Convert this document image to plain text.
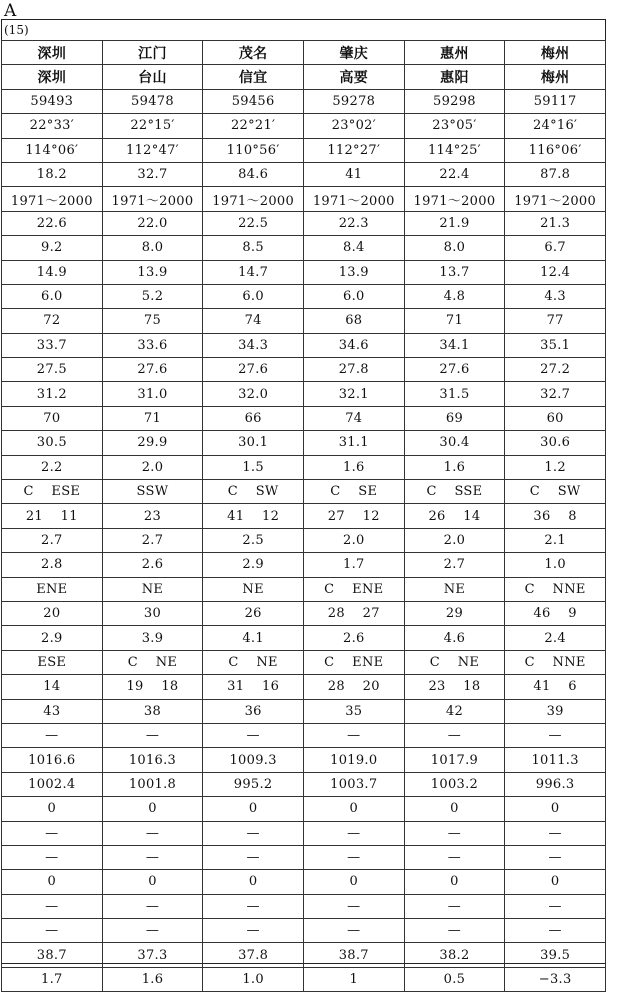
A
(15)
深圳	江门	茂名	肇庆	惠州	梅州
深圳	台山	信宜	高要	惠阳	梅州
59493	59478	59456	59278	59298	59117
22°33′	22°15′	22°21′	23°02′	23°05′	24°16′
114°06′	112°47′	110°56′	112°27′	114°25′	116°06′
18.2	32.7	84.6	41	22.4	87.8
1971～2000	1971～2000	1971～2000	1971～2000	1971～2000	1971～2000
22.6	22.0	22.5	22.3	21.9	21.3
9.2	8.0	8.5	8.4	8.0	6.7
14.9	13.9	14.7	13.9	13.7	12.4
6.0	5.2	6.0	6.0	4.8	4.3
72	75	74	68	71	77
33.7	33.6	34.3	34.6	34.1	35.1
27.5	27.6	27.6	27.8	27.6	27.2
31.2	31.0	32.0	32.1	31.5	32.7
70	71	66	74	69	60
30.5	29.9	30.1	31.1	30.4	30.6
2.2	2.0	1.5	1.6	1.6	1.2
C    ESE	SSW	C    SW	C    SE	C    SSE	C    SW
21    11	23	41    12	27    12	26    14	36    8
2.7	2.7	2.5	2.0	2.0	2.1
2.8	2.6	2.9	1.7	2.7	1.0
ENE	NE	NE	C    ENE	NE	C    NNE
20	30	26	28    27	29	46    9
2.9	3.9	4.1	2.6	4.6	2.4
ESE	C    NE	C    NE	C    ENE	C    NE	C    NNE
14	19    18	31    16	28    20	23    18	41    6
43	38	36	35	42	39
—	—	—	—	—	—
1016.6	1016.3	1009.3	1019.0	1017.9	1011.3
1002.4	1001.8	995.2	1003.7	1003.2	996.3
0	0	0	0	0	0
—	—	—	—	—	—
—	—	—	—	—	—
0	0	0	0	0	0
—	—	—	—	—	—
—	—	—	—	—	—
38.7	37.3	37.8	38.7	38.2	39.5
1.7	1.6	1.0	1	0.5	−3.3
